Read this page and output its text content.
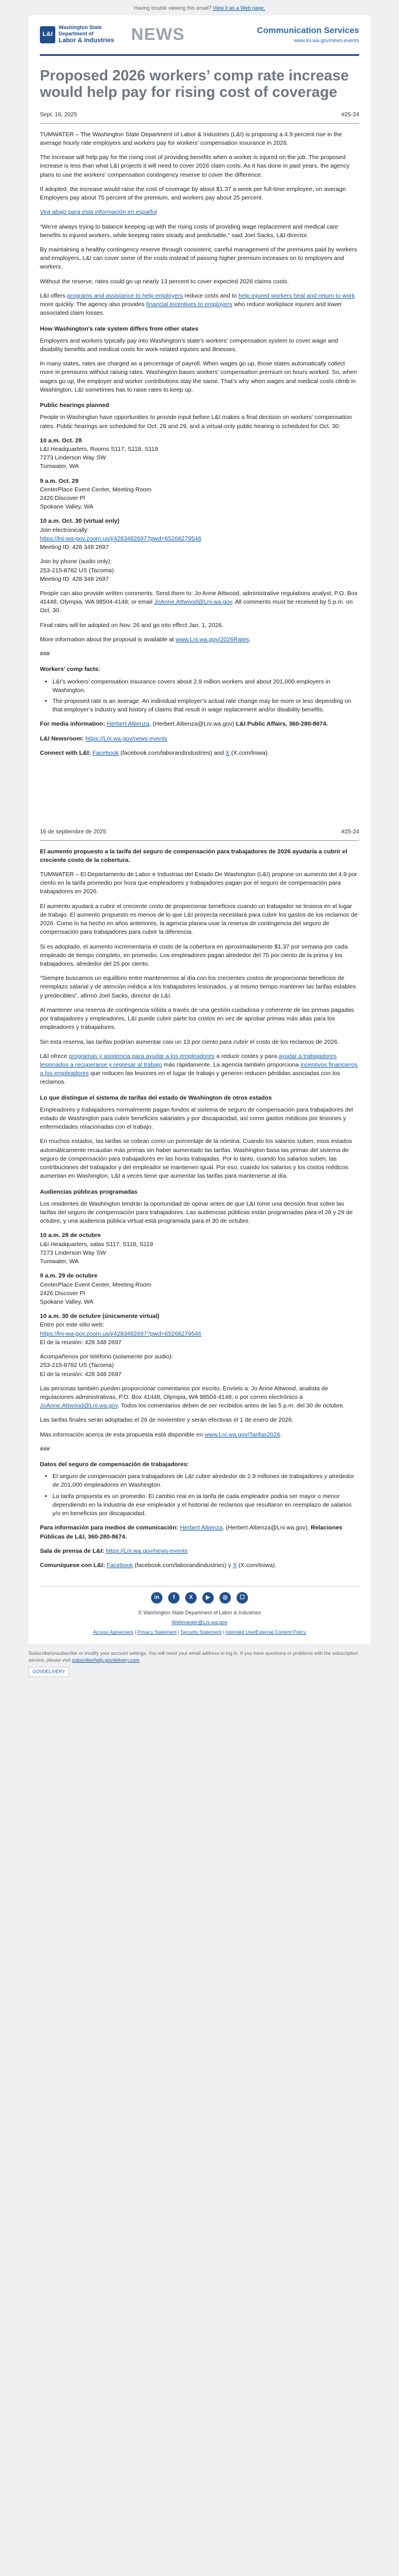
Having trouble viewing this email? View it as a Web page.
L&I
Washington State Department of
Labor & Industries NEWS	Communication Services
www.lni.wa.gov/news-events
Proposed 2026 workers’ comp rate increase would help pay for rising cost of coverage
Sept. 16, 2025	#25-24

TUMWATER – The Washington State Department of Labor & Industries (L&I) is proposing a 4.9 percent rise in the average hourly rate employers and workers pay for workers' compensation insurance in 2026.

The increase will help pay for the rising cost of providing benefits when a worker is injured on the job. The proposed increase is less than what L&I projects it will need to cover 2026 claim costs. As it has done in past years, the agency plans to use the workers' compensation contingency reserve to cover the difference.

If adopted, the increase would raise the cost of coverage by about $1.37 a week per full-time employee, on average. Employers pay about 75 percent of the premium, and workers pay about 25 percent.

Vea abajo para esta información en español

“We’re always trying to balance keeping up with the rising costs of providing wage replacement and medical care benefits to injured workers, while keeping rates steady and predictable,” said Joel Sacks, L&I director.

By maintaining a healthy contingency reserve through consistent, careful management of the premiums paid by workers and employers, L&I can cover some of the costs instead of passing higher premium increases on to employers and workers.

Without the reserve, rates could go up nearly 13 percent to cover expected 2026 claims costs.

L&I offers programs and assistance to help employers reduce costs and to help injured workers heal and return to work more quickly. The agency also provides financial incentives to employers who reduce workplace injuries and lower associated claim losses.

How Washington’s rate system differs from other states

Employers and workers typically pay into Washington’s state’s workers’ compensation system to cover wage and disability benefits and medical costs for work-related injuries and illnesses.

In many states, rates are charged as a percentage of payroll. When wages go up, those states automatically collect more in premiums without raising rates. Washington bases workers’ compensation premium on hours worked. So, when wages go up, the employer and worker contributions stay the same. That’s why when wages and medical costs climb in Washington, L&I sometimes has to raise rates to keep up.

Public hearings planned

People in Washington have opportunities to provide input before L&I makes a final decision on workers’ compensation rates. Public hearings are scheduled for Oct. 28 and 29, and a virtual-only public hearing is scheduled for Oct. 30:

10 a.m. Oct. 28
L&I Headquarters, Rooms S117, S118, S119
7273 Linderson Way SW
Tumwater, WA
9 a.m. Oct. 29
CenterPlace Event Center, Meeting Room
2426 Discover Pl
Spokane Valley, WA
10 a.m. Oct. 30 (virtual only)
Join electronically:
https://lni-wa-gov.zoom.us/j/4283482697?pwd=65268279546
Meeting ID: 428 348 2697
Join by phone (audio only):
253-215-8782 US (Tacoma)
Meeting ID: 428 348 2697

People can also provide written comments. Send them to: Jo Anne Attwood, administrative regulations analyst, P.O. Box 41448, Olympia, WA 98504-4148; or email JoAnne.Attwood@Lni.wa.gov. All comments must be received by 5 p.m. on Oct. 30.

Final rates will be adopted on Nov. 26 and go into effect Jan. 1, 2026.

More information about the proposal is available at www.Lni.wa.gov/2026Rates.

###
Workers’ comp facts:
• L&I’s workers’ compensation insurance covers about 2.9 million workers and about 201,000 employers in Washington.
• The proposed rate is an average. An individual employer’s actual rate change may be more or less depending on that employer’s industry and history of claims that result in wage replacement and/or disability benefits.

For media information: Herbert Altienza, (Herbert.Altienza@Lni.wa.gov) L&I Public Affairs, 360-280-8674.

L&I Newsroom: https://Lni.wa.gov/news-events

Connect with L&I: Facebook (facebook.com/laborandindustries) and X (X.com/lniwa).

16 de septiembre de 2025	#25-24

El aumento propuesto a la tarifa del seguro de compensación para trabajadores de 2026 ayudaría a cubrir el creciente costo de la cobertura.

TUMWATER – El Departamento de Labor e Industrias del Estado De Washington (L&I) propone un aumento del 4.9 por ciento en la tarifa promedio por hora que empleadores y trabajadores pagan por el seguro de compensación para trabajadores en 2026.

El aumento ayudará a cubrir el creciente costo de proporcionar beneficios cuando un trabajador se lesiona en el lugar de trabajo. El aumento propuesto es menos de lo que L&I proyecta necesitará para cubrir los gastos de los reclamos de 2026. Como lo ha hecho en años anteriores, la agencia planea usar la reserva de contingencia del seguro de compensación para trabajadores para cubrir la diferencia.

Si es adoptado, el aumento incrementaría el costo de la cobertura en aproximadamente $1.37 por semana por cada empleado de tiempo completo, en promedio. Los empleadores pagan alrededor del 75 por ciento de la prima y los trabajadores, alrededor del 25 por ciento.

“Siempre buscamos un equilibrio entre mantenernos al día con los crecientes costos de proporcionar beneficios de reemplazo salarial y de atención médica a los trabajadores lesionados, y al mismo tiempo mantener las tarifas estables y predecibles”, afirmó Joel Sacks, director de L&I.

Al mantener una reserva de contingencia sólida a través de una gestión cuidadosa y coherente de las primas pagadas por trabajadores y empleadores, L&I puede cubrir parte los costos en vez de aprobar primas más altas para los empleadores y trabajadores.

Sin esta reserva, las tarifas podrían aumentar casi un 13 por ciento para cubrir el costo de los reclamos de 2026.

L&I ofrece programas y asistencia para ayudar a los empleadores a reducir costes y para ayudar a trabajadores lesionados a recuperarse y regresar al trabajo más rápidamente. La agencia también proporciona incentivos financieros a los empleadores que reducen las lesiones en el lugar de trabajo y generen reducen pérdidas asociadas con los reclamos.

Lo que distingue el sistema de tarifas del estado de Washington de otros estados

Empleadores y trabajadores normalmente pagan fondos al sistema de seguro de compensación para trabajadores del estado de Washington para cubrir beneficios salariales y por discapacidad, así como gastos médicos por lesiones y enfermedades relacionadas con el trabajo.

En muchos estados, las tarifas se cobran como un porcentaje de la nómina. Cuando los salarios suben, esos estados automáticamente recaudan más primas sin haber aumentado las tarifas. Washington basa las primas del sistema de seguro de compensación para trabajadores en las horas trabajadas. Por lo tanto, cuando los salarios suben, las contribuciones del trabajador y del empleador se mantienen igual. Por eso, cuando los salarios y los costos médicos aumentan en Washington, L&I a veces tiene que aumentar las tarifas para mantenerse al día.

Audiencias públicas programadas

Los residentes de Washington tendrán la oportunidad de opinar antes de que L&I tome una decisión final sobre las tarifas del seguro de compensación para trabajadores. Las audiencias públicas están programadas para el 28 y 29 de octubre, y una audiencia pública virtual está programada para el 30 de octubre.

10 a.m. 28 de octubre
L&I Headquarters, salas S117, S118, S119
7273 Linderson Way SW
Tumwater, WA
9 a.m. 29 de octubre
CenterPlace Event Center, Meeting Room
2426 Discover Pl
Spokane Valley, WA
10 a.m. 30 de octubre (únicamente virtual)
Entre por este sitio web:
https://lni-wa-gov.zoom.us/j/4283482697?pwd=65268279546
El de la reunión: 428 348 2697
Acompañenos por teléfono (solamente por audio):
253-215-8782 US (Tacoma)
El de la reunión: 428 348 2697

Las personas también pueden proporcionar comentarios por escrito. Envíelo a: Jo Anne Attwood, analista de regulaciones administrativas, P.O. Box 41448, Olympia, WA 98504-4148; o por correo electrónico a JoAnne.Attwood@Lni.wa.gov. Todos los comentarios deben de ser recibidos antes de las 5 p.m. del 30 de octubre.

Las tarifas finales serán adoptadas el 26 de noviembre y serán efectivas el 1 de enero de 2026.

Más información acerca de esta propuesta está disponible en www.Lni.wa.gov/Tarifas2026.

###
Datos del seguro de compensación de trabajadores:
• El seguro de compensación para trabajadores de L&I cubre alrededor de 2.9 millones de trabajadores y alrededor de 201,000 empleadores en Washington.
• La tarifa propuesta es un promedio. El cambio real en la tarifa de cada empleador podría ser mayor o menor dependiendo en la industria de ese empleador y el historial de reclamos que resultaron en reemplazo de salarios y/o en beneficios por discapacidad.

Para información para medios de comunicación: Herbert Altienza, (Herbert.Altienza@Lni.wa.gov), Relaciones Públicas de L&I, 360-280-8674.

Sala de prensa de L&I: https://Lni.wa.gov/news-events

Comuníquese con L&I: Facebook (facebook.com/laborandindustries) y X (X.com/lniwa).

in	f	X	▶	◎	☐
© Washington State Department of Labor & Industries
Webmaster@Lni.wa.gov
Access Agreement | Privacy Statement | Security Statement | Intended Use/External Content Policy
Subscribe/unsubscribe or modify your account settings. You will need your email address to log in. If you have questions or problems with the subscription service, please visit subscriberhelp.govdelivery.com.
GOVDELIVERY
